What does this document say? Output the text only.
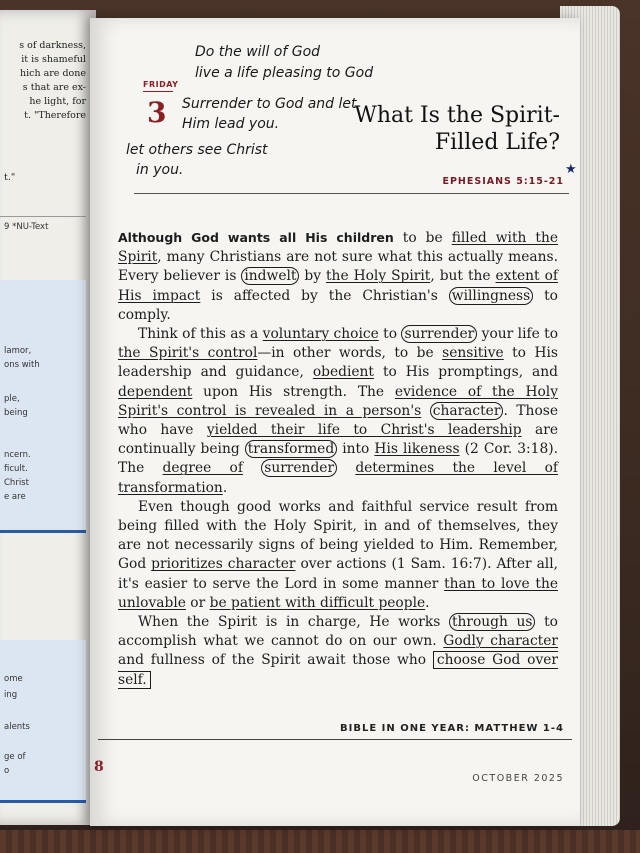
s of darkness,
it is shameful
hich are done
s that are ex-
he light, for
t. "Therefore
t."
9 *NU-Text
lamor,
ons with
ple,
being
ncern.
ficult.
Christ
e are
ome
ing
alents
ge of
o
FRIDAY
3
Do the will of God
live a life pleasing to God
Surrender to God and let
Him lead you.
let others see Christ
in you.
What Is the Spirit-Filled Life?
EPHESIANS 5:15-21

Although God wants all His children to be filled with the Spirit, many Christians are not sure what this actually means. Every believer is indwelt by the Holy Spirit, but the extent of His impact is affected by the Christian's willingness to comply.

Think of this as a voluntary choice to surrender your life to the Spirit's control—in other words, to be sensitive to His leadership and guidance, obedient to His promptings, and dependent upon His strength. The evidence of the Holy Spirit's control is revealed in a person's character . Those who have yielded their life to Christ's leadership are continually being transformed into His likeness (2 Cor. 3:18). The degree of surrender determines the level of transformation.

Even though good works and faithful service result from being filled with the Holy Spirit, in and of themselves, they are not necessarily signs of being yielded to Him. Remember, God prioritizes character over actions (1 Sam. 16:7). After all, it's easier to serve the Lord in some manner than to love the unlovable or be patient with difficult people.

When the Spirit is in charge, He works through us to accomplish what we cannot do on our own. Godly character and fullness of the Spirit await those who choose God over self.

BIBLE IN ONE YEAR: MATTHEW 1-4
8
OCTOBER 2025
★
